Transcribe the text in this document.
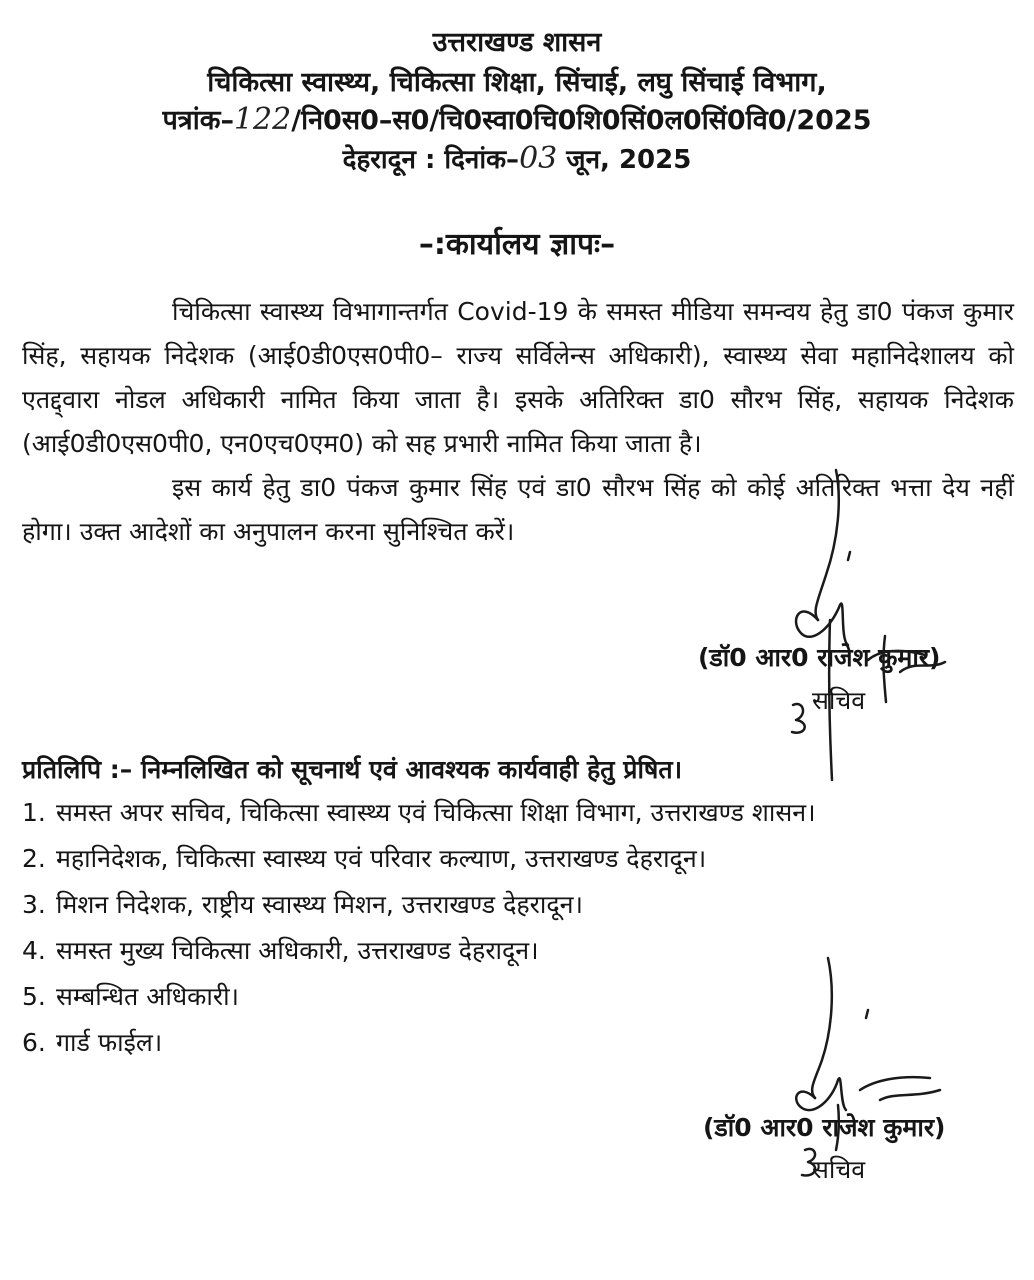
उत्तराखण्ड शासन
चिकित्सा स्वास्थ्य, चिकित्सा शिक्षा, सिंचाई, लघु सिंचाई विभाग,
पत्रांक–122/नि0स0–स0/चि0स्वा0चि0शि0सिं0ल0सिं0वि0/2025
देहरादून : दिनांक–03 जून, 2025
–:कार्यालय ज्ञापः–
चिकित्सा स्वास्थ्य विभागान्तर्गत Covid-19 के समस्त मीडिया समन्वय हेतु डा0 पंकज कुमार सिंह, सहायक निदेशक (आई0डी0एस0पी0– राज्य सर्विलेन्स अधिकारी), स्वास्थ्य सेवा महानिदेशालय को एतद्द्वारा नोडल अधिकारी नामित किया जाता है। इसके अतिरिक्त डा0 सौरभ सिंह, सहायक निदेशक (आई0डी0एस0पी0, एन0एच0एम0) को सह प्रभारी नामित किया जाता है।
इस कार्य हेतु डा0 पंकज कुमार सिंह एवं डा0 सौरभ सिंह को कोई अतिरिक्त भत्ता देय नहीं होगा। उक्त आदेशों का अनुपालन करना सुनिश्चित करें।
(डॉ0 आर0 राजेश कुमार)
सचिव
प्रतिलिपि :– निम्नलिखित को सूचनार्थ एवं आवश्यक कार्यवाही हेतु प्रेषित।
1. समस्त अपर सचिव, चिकित्सा स्वास्थ्य एवं चिकित्सा शिक्षा विभाग, उत्तराखण्ड शासन।
2. महानिदेशक, चिकित्सा स्वास्थ्य एवं परिवार कल्याण, उत्तराखण्ड देहरादून।
3. मिशन निदेशक, राष्ट्रीय स्वास्थ्य मिशन, उत्तराखण्ड देहरादून।
4. समस्त मुख्य चिकित्सा अधिकारी, उत्तराखण्ड देहरादून।
5. सम्बन्धित अधिकारी।
6. गार्ड फाईल।
(डॉ0 आर0 राजेश कुमार)
सचिव
